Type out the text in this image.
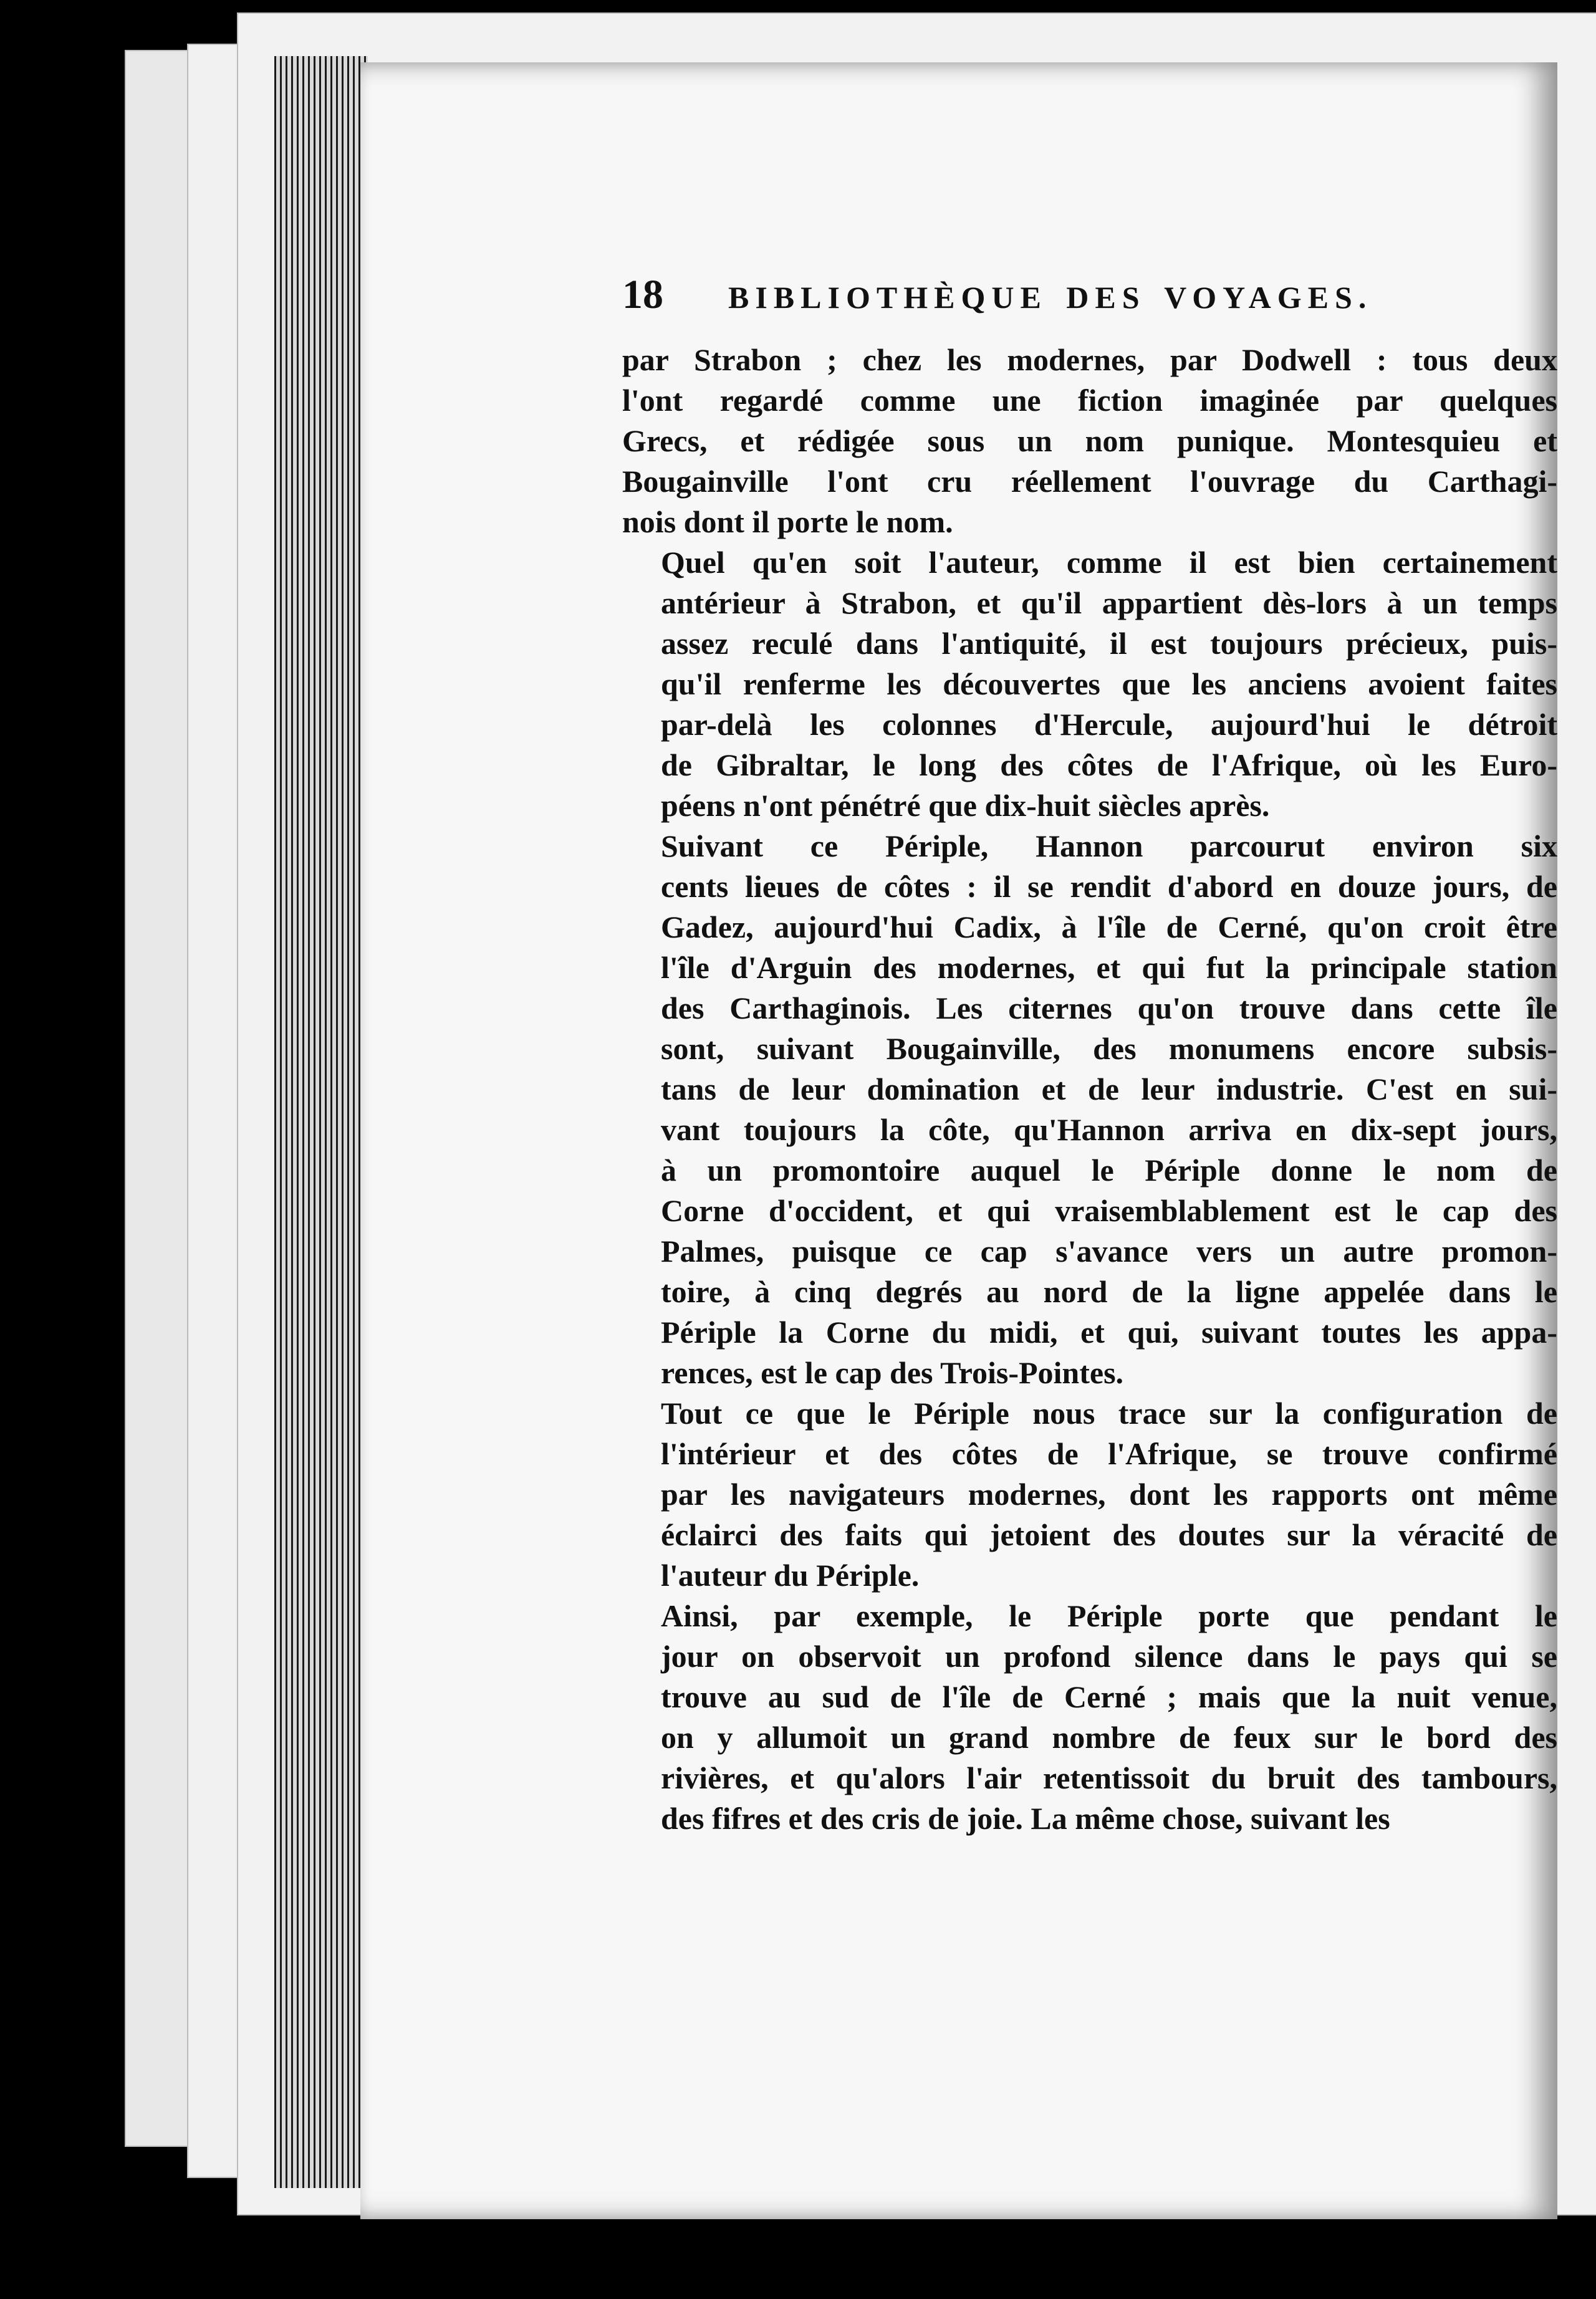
18	BIBLIOTHÈQUE DES VOYAGES.

par Strabon ; chez les modernes, par Dodwell : tous deux
l'ont regardé comme une fiction imaginée par quelques
Grecs, et rédigée sous un nom punique. Montesquieu et
Bougainville l'ont cru réellement l'ouvrage du Carthagi-
nois dont il porte le nom.

Quel qu'en soit l'auteur, comme il est bien certainement
antérieur à Strabon, et qu'il appartient dès-lors à un temps
assez reculé dans l'antiquité, il est toujours précieux, puis-
qu'il renferme les découvertes que les anciens avoient faites
par-delà les colonnes d'Hercule, aujourd'hui le détroit
de Gibraltar, le long des côtes de l'Afrique, où les Euro-
péens n'ont pénétré que dix-huit siècles après.

Suivant ce Périple, Hannon parcourut environ six
cents lieues de côtes : il se rendit d'abord en douze jours, de
Gadez, aujourd'hui Cadix, à l'île de Cerné, qu'on croit être
l'île d'Arguin des modernes, et qui fut la principale station
des Carthaginois. Les citernes qu'on trouve dans cette île
sont, suivant Bougainville, des monumens encore subsis-
tans de leur domination et de leur industrie. C'est en sui-
vant toujours la côte, qu'Hannon arriva en dix-sept jours,
à un promontoire auquel le Périple donne le nom de
Corne d'occident, et qui vraisemblablement est le cap des
Palmes, puisque ce cap s'avance vers un autre promon-
toire, à cinq degrés au nord de la ligne appelée dans le
Périple la Corne du midi, et qui, suivant toutes les appa-
rences, est le cap des Trois-Pointes.

Tout ce que le Périple nous trace sur la configuration de
l'intérieur et des côtes de l'Afrique, se trouve confirmé
par les navigateurs modernes, dont les rapports ont même
éclairci des faits qui jetoient des doutes sur la véracité de
l'auteur du Périple.

Ainsi, par exemple, le Périple porte que pendant le
jour on observoit un profond silence dans le pays qui se
trouve au sud de l'île de Cerné ; mais que la nuit venue,
on y allumoit un grand nombre de feux sur le bord des
rivières, et qu'alors l'air retentissoit du bruit des tambours,
des fifres et des cris de joie. La même chose, suivant les
